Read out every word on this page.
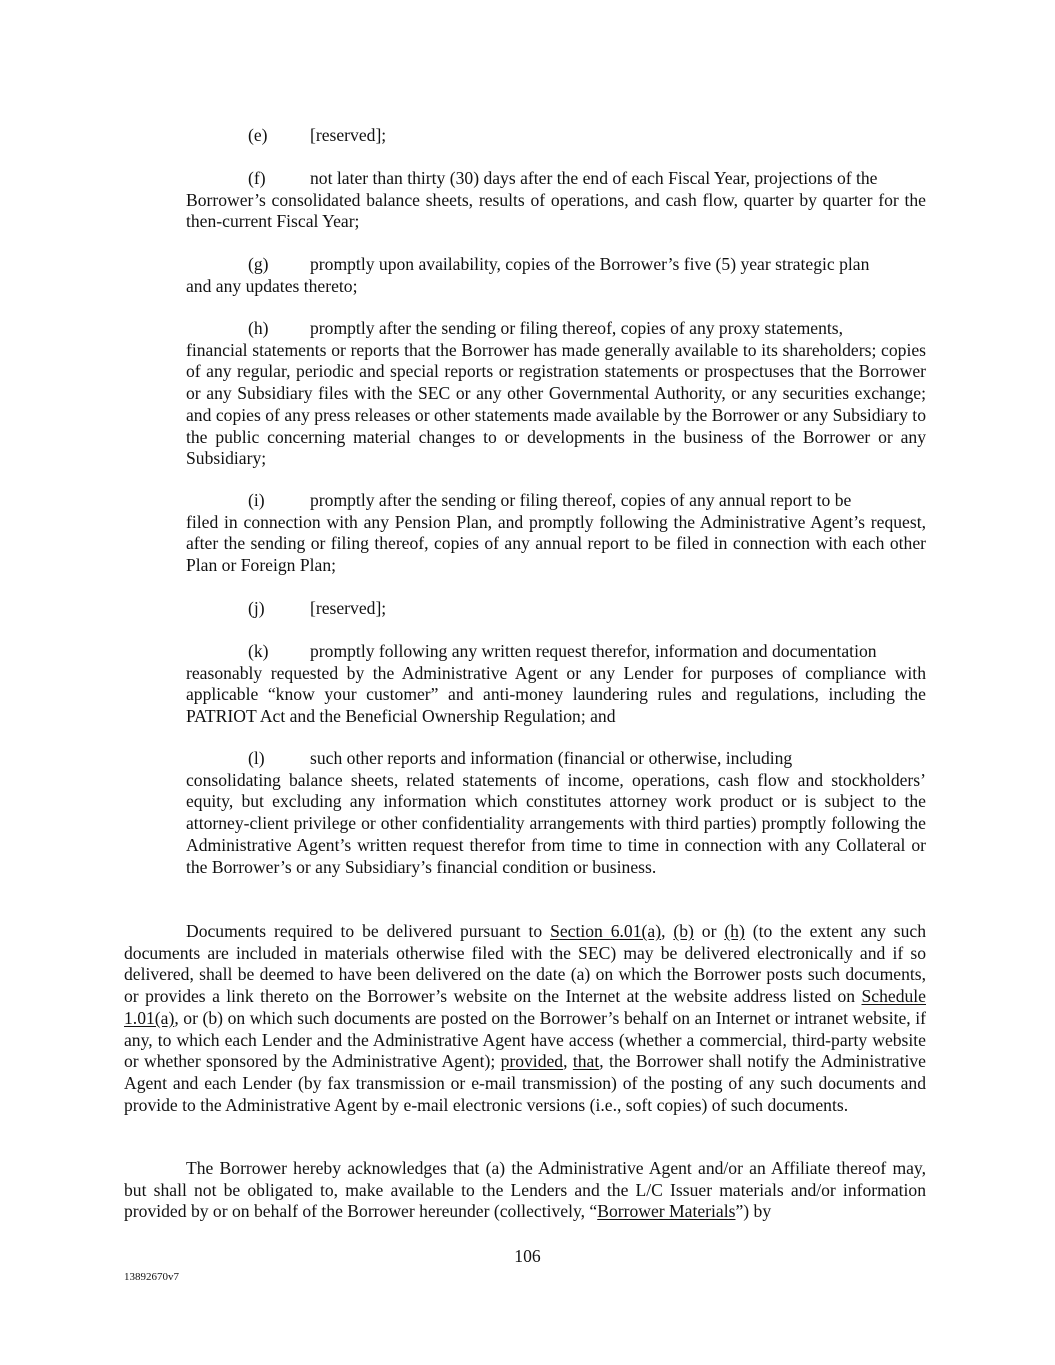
(e) [reserved];

(f)	not later than thirty (30) days after the end of each Fiscal Year, projections of the
Borrower’s consolidated balance sheets, results of operations, and cash flow, quarter by quarter for the then-current Fiscal Year;

(g) promptly upon availability, copies of the Borrower’s five (5) year strategic plan
and any updates thereto;

(h) promptly after the sending or filing thereof, copies of any proxy statements,
financial statements or reports that the Borrower has made generally available to its shareholders; copies of any regular, periodic and special reports or registration statements or prospectuses that the Borrower or any Subsidiary files with the SEC or any other Governmental Authority, or any securities exchange; and copies of any press releases or other statements made available by the Borrower or any Subsidiary to the public concerning material changes to or developments in the business of the Borrower or any Subsidiary;

(i)	promptly after the sending or filing thereof, copies of any annual report to be
filed in connection with any Pension Plan, and promptly following the Administrative Agent’s request, after the sending or filing thereof, copies of any annual report to be filed in connection with each other Plan or Foreign Plan;

(j)	[reserved];

(k) promptly following any written request therefor, information and documentation
reasonably requested by the Administrative Agent or any Lender for purposes of compliance with applicable “know your customer” and anti-money laundering rules and regulations, including the PATRIOT Act and the Beneficial Ownership Regulation; and

(l)	such other reports and information (financial or otherwise, including
consolidating balance sheets, related statements of income, operations, cash flow and stockholders’ equity, but excluding any information which constitutes attorney work product or is subject to the attorney-client privilege or other confidentiality arrangements with third parties) promptly following the Administrative Agent’s written request therefor from time to time in connection with any Collateral or the Borrower’s or any Subsidiary’s financial condition or business.

Documents required to be delivered pursuant to Section 6.01(a), (b) or (h) (to the extent any such documents are included in materials otherwise filed with the SEC) may be delivered electronically and if so delivered, shall be deemed to have been delivered on the date (a) on which the Borrower posts such documents, or provides a link thereto on the Borrower’s website on the Internet at the website address listed on Schedule 1.01(a), or (b) on which such documents are posted on the Borrower’s behalf on an Internet or intranet website, if any, to which each Lender and the Administrative Agent have access (whether a commercial, third-party website or whether sponsored by the Administrative Agent); provided, that, the Borrower shall notify the Administrative Agent and each Lender (by fax transmission or e-mail transmission) of the posting of any such documents and provide to the Administrative Agent by e-mail electronic versions (i.e., soft copies) of such documents.

The Borrower hereby acknowledges that (a) the Administrative Agent and/or an Affiliate thereof may, but shall not be obligated to, make available to the Lenders and the L/C Issuer materials and/or information provided by or on behalf of the Borrower hereunder (collectively, “Borrower Materials”) by

106
13892670v7
